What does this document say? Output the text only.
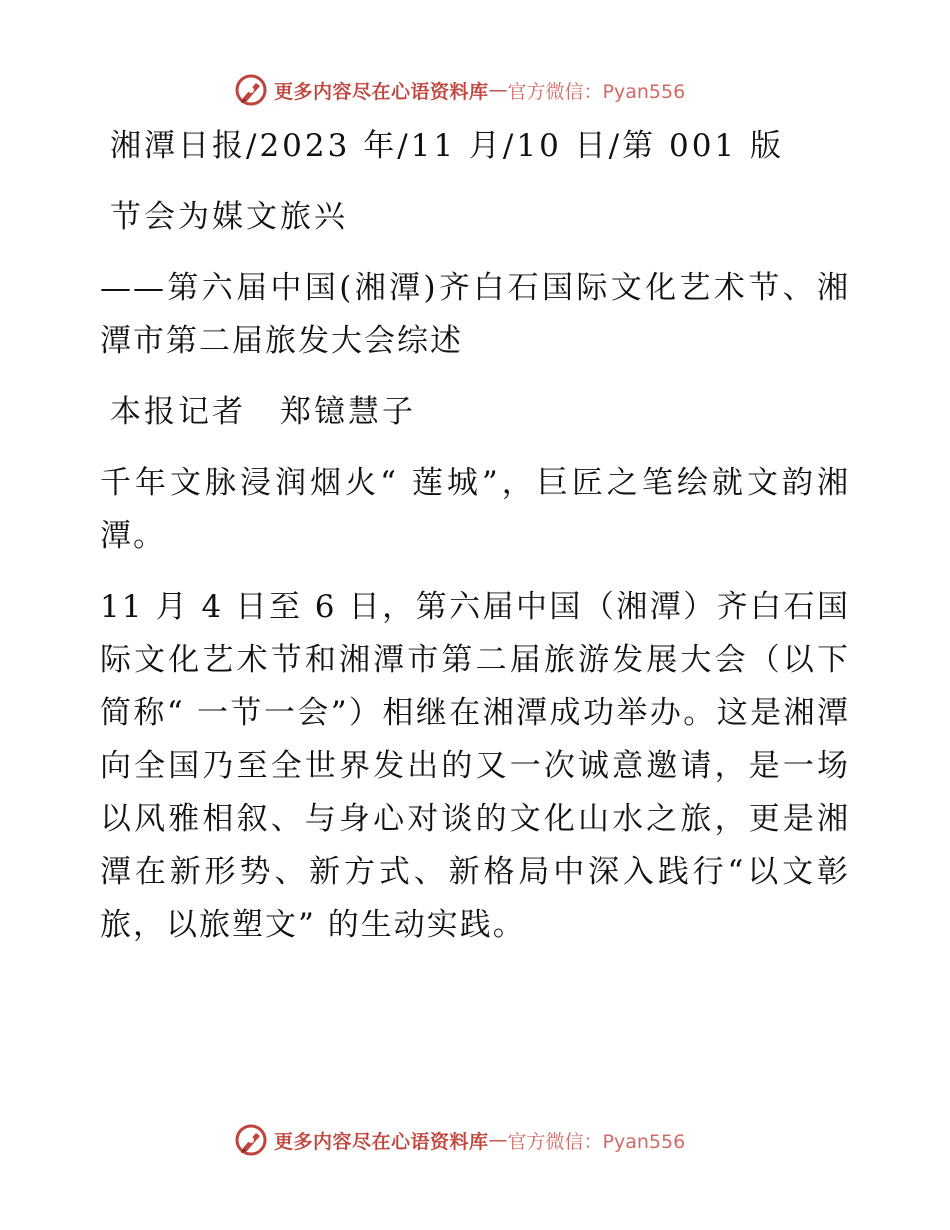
更多内容尽在心语资料库 — 官方微信：Pyan556

湘潭日报/2023 年/11 月/10 日/第 001 版

节会为媒文旅兴

——第六届中国(湘潭)齐白石国际文化艺术节、湘潭市第二届旅发大会综述

本报记者　郑镱慧子

千年文脉浸润烟火“ 莲城”，巨匠之笔绘就文韵湘潭。

11 月 4 日至 6 日，第六届中国（湘潭）齐白石国际文化艺术节和湘潭市第二届旅游发展大会（以下简称“ 一节一会”）相继在湘潭成功举办。这是湘潭向全国乃至全世界发出的又一次诚意邀请，是一场以风雅相叙、与身心对谈的文化山水之旅，更是湘潭在新形势、新方式、新格局中深入践行“以文彰旅，以旅塑文” 的生动实践。

更多内容尽在心语资料库 — 官方微信：Pyan556
